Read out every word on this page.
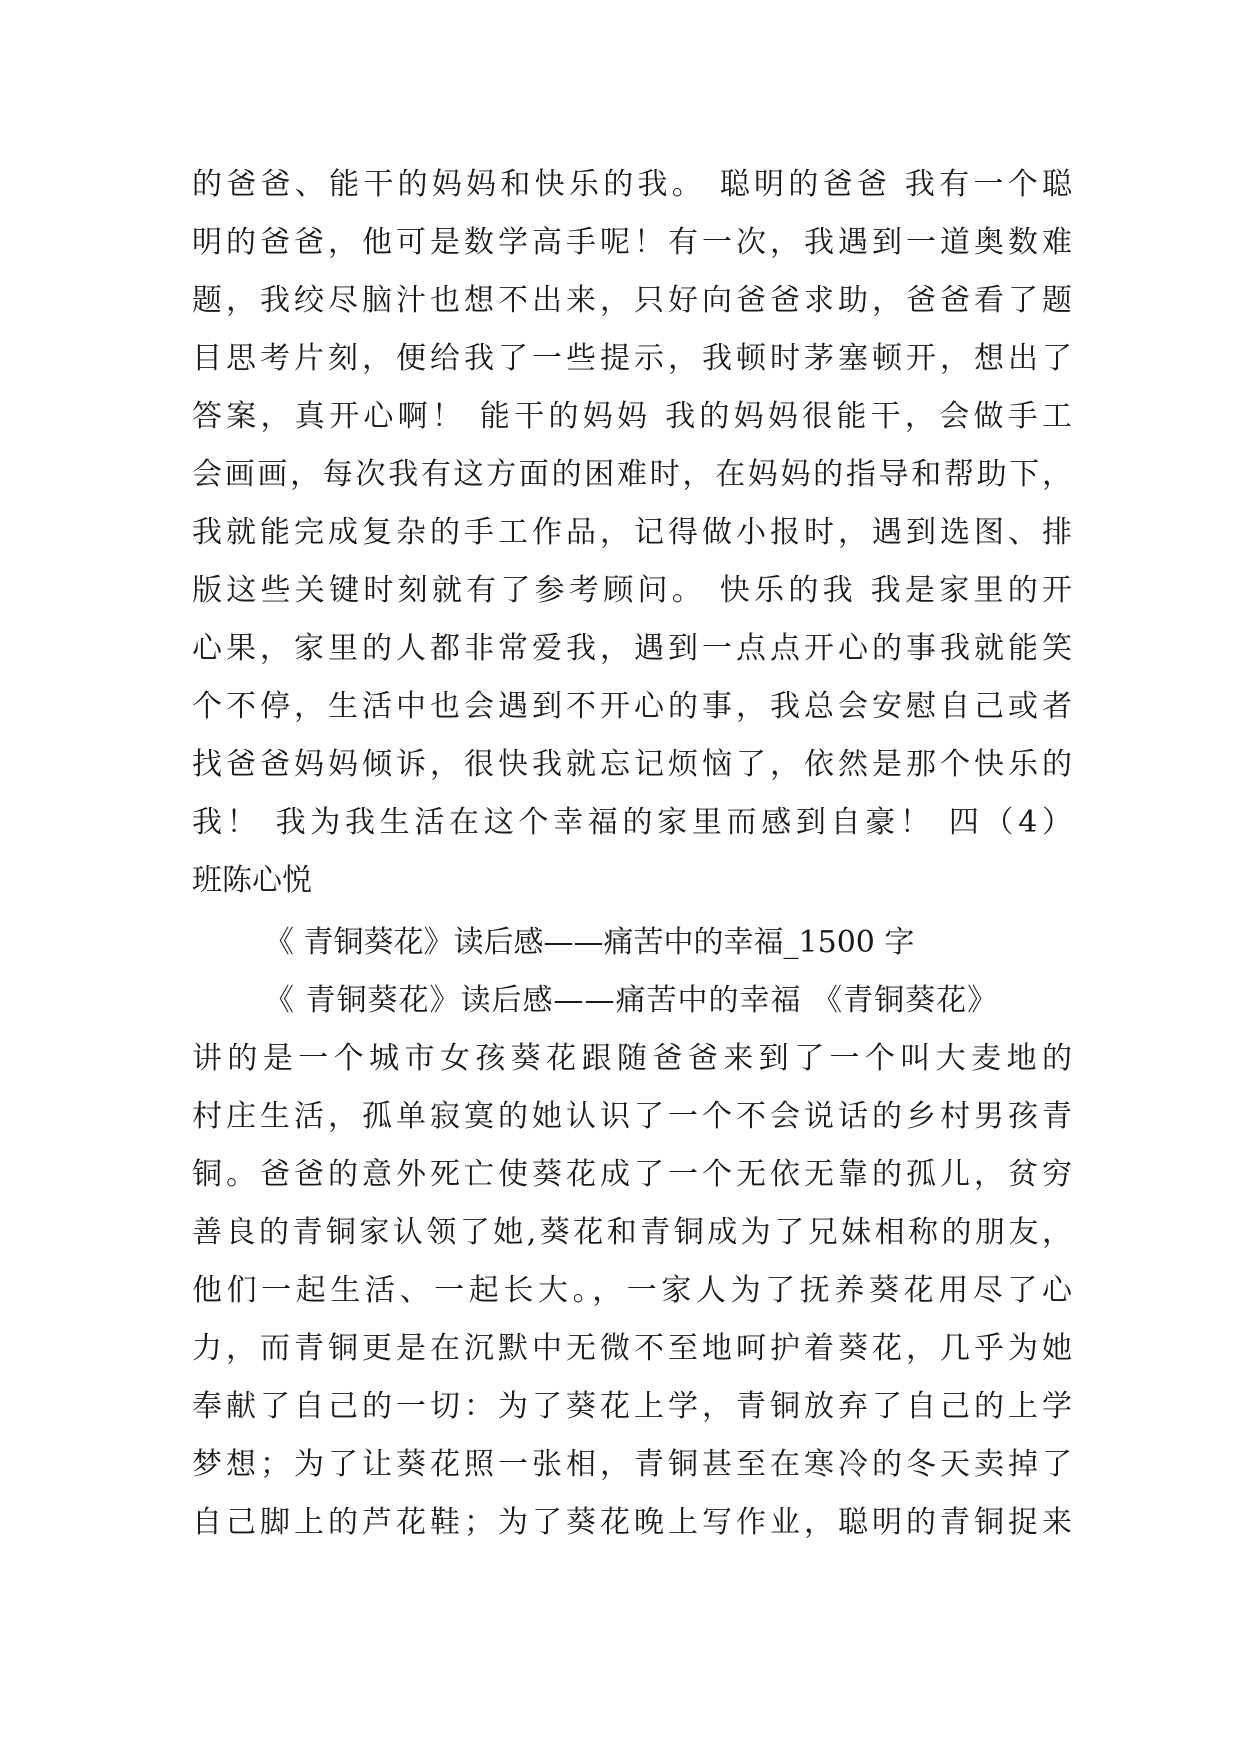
的爸爸、能干的妈妈和快乐的我。 聪明的爸爸 我有一个聪
明的爸爸，他可是数学高手呢！有一次，我遇到一道奥数难
题，我绞尽脑汁也想不出来，只好向爸爸求助，爸爸看了题
目思考片刻，便给我了一些提示，我顿时茅塞顿开，想出了
答案，真开心啊！ 能干的妈妈 我的妈妈很能干，会做手工
会画画，每次我有这方面的困难时，在妈妈的指导和帮助下，
我就能完成复杂的手工作品，记得做小报时，遇到选图、排
版这些关键时刻就有了参考顾问。 快乐的我 我是家里的开
心果，家里的人都非常爱我，遇到一点点开心的事我就能笑
个不停，生活中也会遇到不开心的事，我总会安慰自己或者
找爸爸妈妈倾诉，很快我就忘记烦恼了，依然是那个快乐的
我！ 我为我生活在这个幸福的家里而感到自豪！ 四（4）
班陈心悦
《 青铜葵花》读后感——痛苦中的幸福_1500 字
《 青铜葵花》读后感——痛苦中的幸福 《青铜葵花》
讲的是一个城市女孩葵花跟随爸爸来到了一个叫大麦地的
村庄生活，孤单寂寞的她认识了一个不会说话的乡村男孩青
铜。爸爸的意外死亡使葵花成了一个无依无靠的孤儿，贫穷
善良的青铜家认领了她,葵花和青铜成为了兄妹相称的朋友，
他们一起生活、一起长大。，一家人为了抚养葵花用尽了心
力，而青铜更是在沉默中无微不至地呵护着葵花，几乎为她
奉献了自己的一切：为了葵花上学，青铜放弃了自己的上学
梦想；为了让葵花照一张相，青铜甚至在寒冷的冬天卖掉了
自己脚上的芦花鞋；为了葵花晚上写作业，聪明的青铜捉来
